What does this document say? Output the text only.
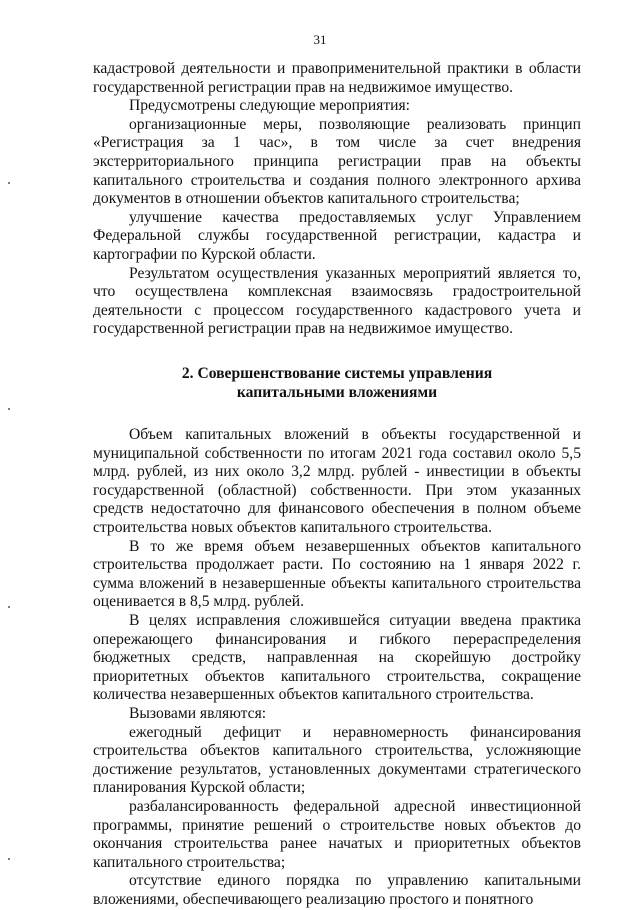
31

кадастровой деятельности и правоприменительной практики в области государственной регистрации прав на недвижимое имущество.

Предусмотрены следующие мероприятия:

организационные меры, позволяющие реализовать принцип «Регистрация за 1 час», в том числе за счет внедрения экстерриториального принципа регистрации прав на объекты капитального строительства и создания полного электронного архива документов в отношении объектов капитального строительства;

улучшение качества предоставляемых услуг Управлением Федеральной службы государственной регистрации, кадастра и картографии по Курской области.

Результатом осуществления указанных мероприятий является то, что осуществлена комплексная взаимосвязь градостроительной деятельности с процессом государственного кадастрового учета и государственной регистрации прав на недвижимое имущество.

2. Совершенствование системы управления
капитальными вложениями

Объем капитальных вложений в объекты государственной и муниципальной собственности по итогам 2021 года составил около 5,5 млрд. рублей, из них около 3,2 млрд. рублей - инвестиции в объекты государственной (областной) собственности. При этом указанных средств недостаточно для финансового обеспечения в полном объеме строительства новых объектов капитального строительства.

В то же время объем незавершенных объектов капитального строительства продолжает расти. По состоянию на 1 января 2022 г. сумма вложений в незавершенные объекты капитального строительства оценивается в 8,5 млрд. рублей.

В целях исправления сложившейся ситуации введена практика опережающего финансирования и гибкого перераспределения бюджетных средств, направленная на скорейшую достройку приоритетных объектов капитального строительства, сокращение количества незавершенных объектов капитального строительства.

Вызовами являются:

ежегодный дефицит и неравномерность финансирования строительства объектов капитального строительства, усложняющие достижение результатов, установленных документами стратегического планирования Курской области;

разбалансированность федеральной адресной инвестиционной программы, принятие решений о строительстве новых объектов до окончания строительства ранее начатых и приоритетных объектов капитального строительства;

отсутствие единого порядка по управлению капитальными вложениями, обеспечивающего реализацию простого и понятного
